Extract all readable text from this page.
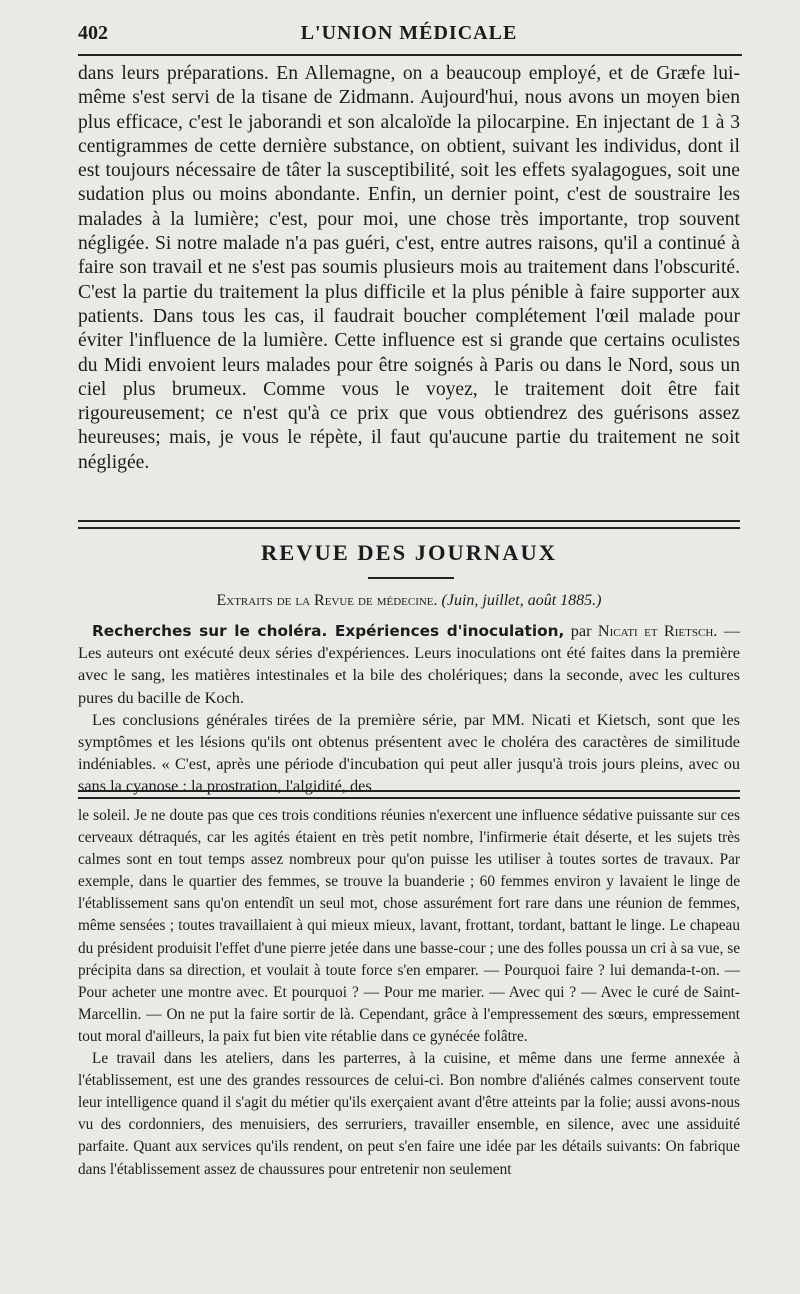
402	L'UNION MÉDICALE

dans leurs préparations. En Allemagne, on a beaucoup employé, et de Græfe lui-même s'est servi de la tisane de Zidmann. Aujourd'hui, nous avons un moyen bien plus efficace, c'est le jaborandi et son alcaloïde la pilocarpine. En injectant de 1 à 3 centigrammes de cette dernière substance, on obtient, suivant les individus, dont il est toujours nécessaire de tâter la susceptibilité, soit les effets syalagogues, soit une sudation plus ou moins abondante. Enfin, un dernier point, c'est de soustraire les malades à la lumière; c'est, pour moi, une chose très importante, trop souvent négligée. Si notre malade n'a pas guéri, c'est, entre autres raisons, qu'il a continué à faire son travail et ne s'est pas soumis plusieurs mois au traitement dans l'obscurité. C'est la partie du traitement la plus difficile et la plus pénible à faire supporter aux patients. Dans tous les cas, il faudrait boucher complétement l'œil malade pour éviter l'influence de la lumière. Cette influence est si grande que certains oculistes du Midi envoient leurs malades pour être soignés à Paris ou dans le Nord, sous un ciel plus brumeux. Comme vous le voyez, le traitement doit être fait rigoureusement; ce n'est qu'à ce prix que vous obtiendrez des guérisons assez heureuses; mais, je vous le répète, il faut qu'aucune partie du traitement ne soit négligée.

REVUE DES JOURNAUX
Extraits de la Revue de médecine. (Juin, juillet, août 1885.)

Recherches sur le choléra. Expériences d'inoculation, par Nicati et Rietsch. — Les auteurs ont exécuté deux séries d'expériences. Leurs inoculations ont été faites dans la première avec le sang, les matières intestinales et la bile des cholériques; dans la seconde, avec les cultures pures du bacille de Koch.

Les conclusions générales tirées de la première série, par MM. Nicati et Kietsch, sont que les symptômes et les lésions qu'ils ont obtenus présentent avec le choléra des caractères de similitude indéniables. « C'est, après une période d'incubation qui peut aller jusqu'à trois jours pleins, avec ou sans la cyanose : la prostration, l'algidité, des

le soleil. Je ne doute pas que ces trois conditions réunies n'exercent une influence sédative puissante sur ces cerveaux détraqués, car les agités étaient en très petit nombre, l'infirmerie était déserte, et les sujets très calmes sont en tout temps assez nombreux pour qu'on puisse les utiliser à toutes sortes de travaux. Par exemple, dans le quartier des femmes, se trouve la buanderie ; 60 femmes environ y lavaient le linge de l'établissement sans qu'on entendît un seul mot, chose assurément fort rare dans une réunion de femmes, même sensées ; toutes travaillaient à qui mieux mieux, lavant, frottant, tordant, battant le linge. Le chapeau du président produisit l'effet d'une pierre jetée dans une basse-cour ; une des folles poussa un cri à sa vue, se précipita dans sa direction, et voulait à toute force s'en emparer. — Pourquoi faire ? lui demanda-t-on. — Pour acheter une montre avec. Et pourquoi ? — Pour me marier. — Avec qui ? — Avec le curé de Saint-Marcellin. — On ne put la faire sortir de là. Cependant, grâce à l'empressement des sœurs, empressement tout moral d'ailleurs, la paix fut bien vite rétablie dans ce gynécée folâtre.

Le travail dans les ateliers, dans les parterres, à la cuisine, et même dans une ferme annexée à l'établissement, est une des grandes ressources de celui-ci. Bon nombre d'aliénés calmes conservent toute leur intelligence quand il s'agit du métier qu'ils exerçaient avant d'être atteints par la folie; aussi avons-nous vu des cordonniers, des menuisiers, des serruriers, travailler ensemble, en silence, avec une assiduité parfaite. Quant aux services qu'ils rendent, on peut s'en faire une idée par les détails suivants: On fabrique dans l'établissement assez de chaussures pour entretenir non seulement
